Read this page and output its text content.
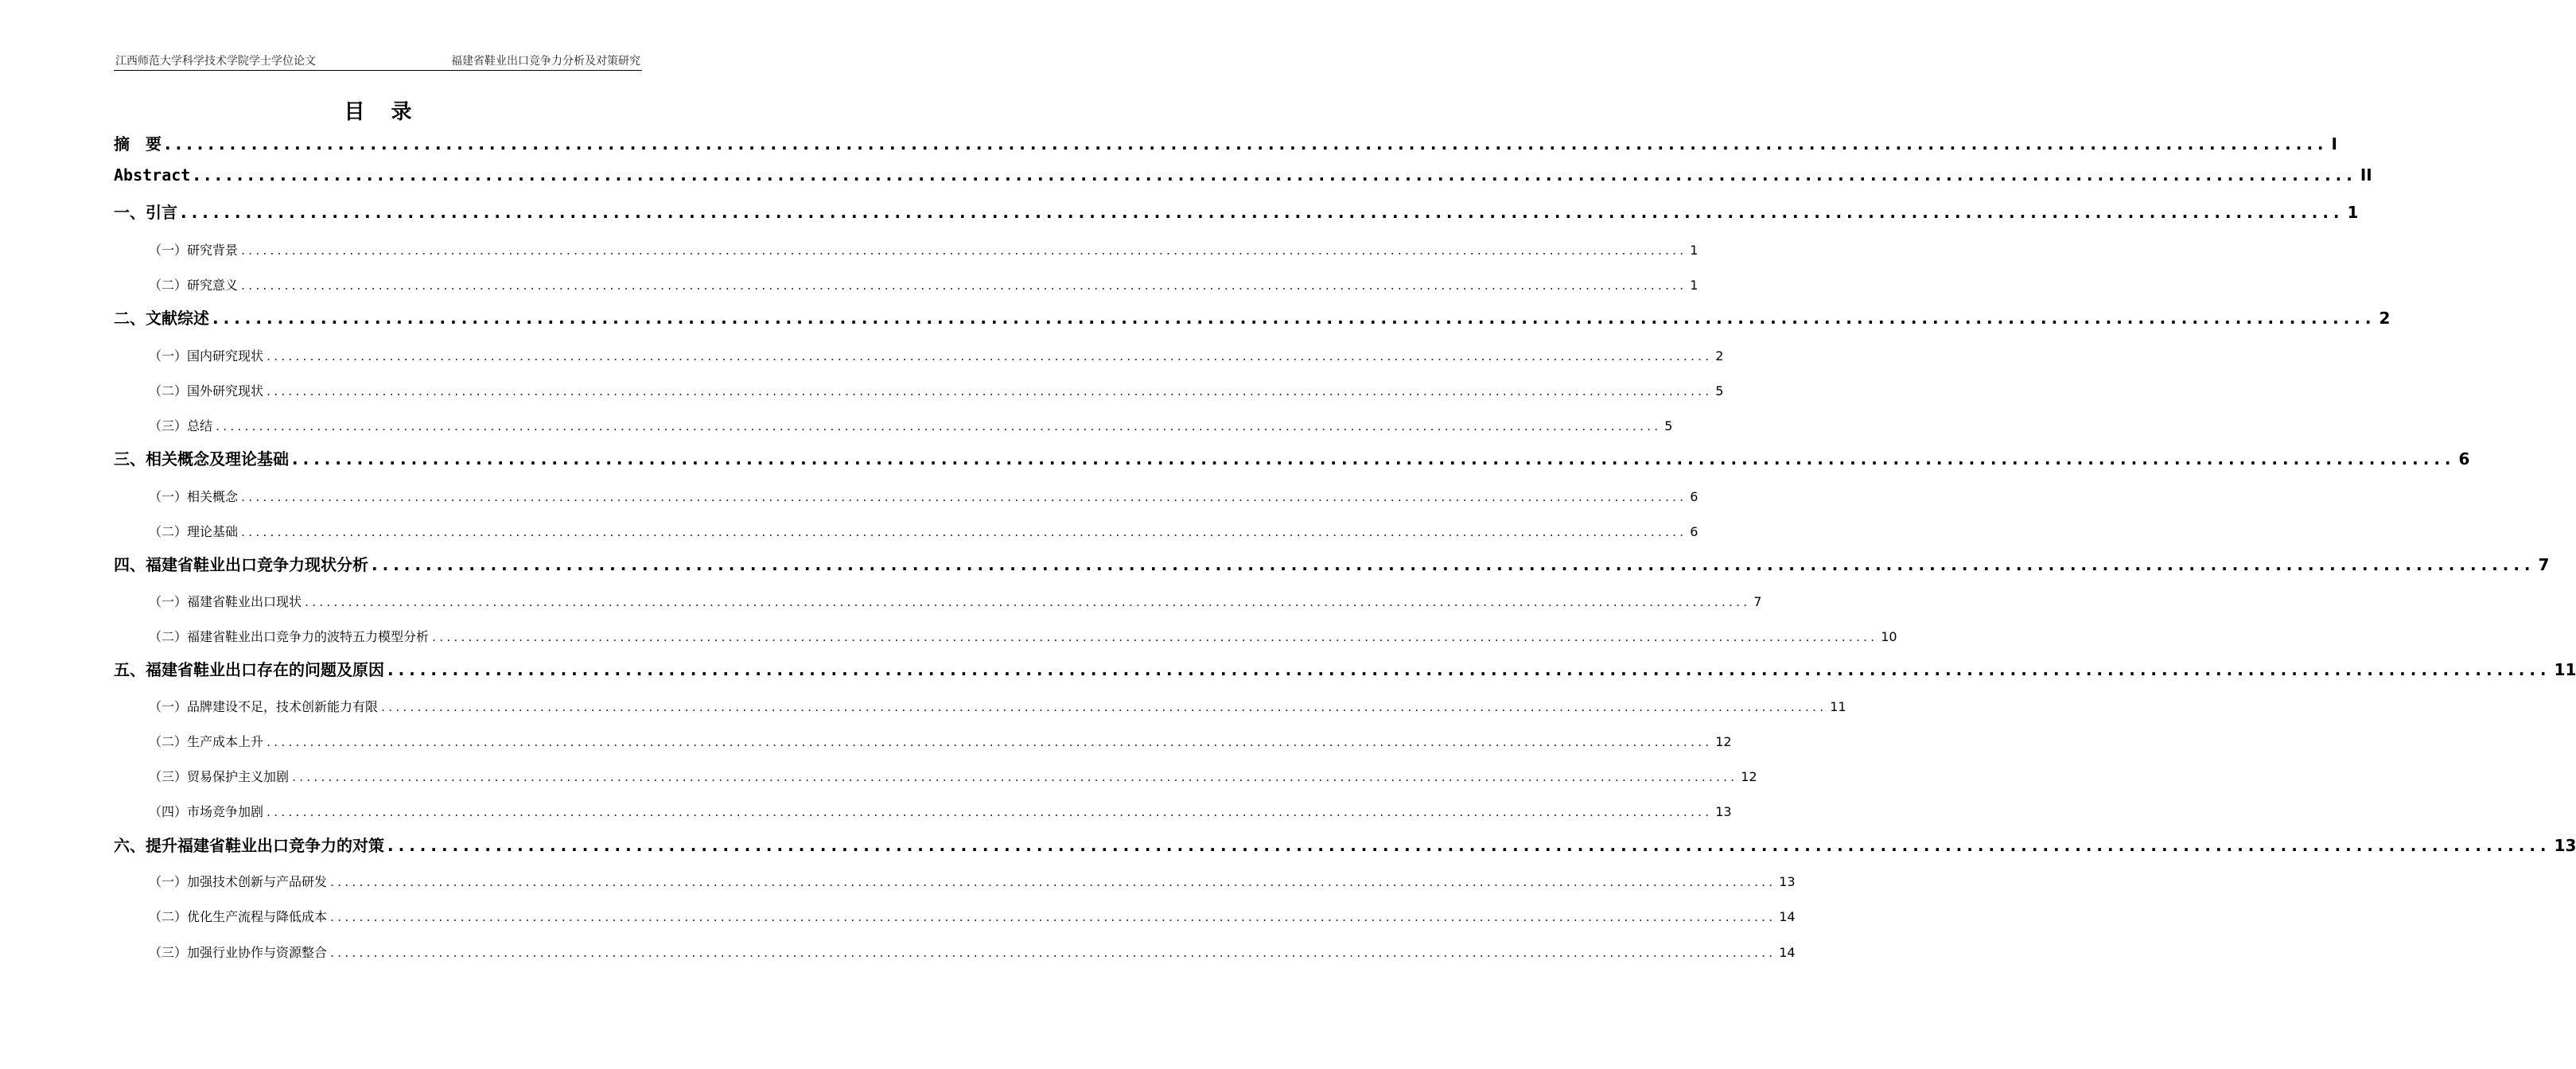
江西师范大学科学技术学院学士学位论文	福建省鞋业出口竞争力分析及对策研究
目 录
摘　要 ........................................................................................................................................................................................................ I
Abstract ........................................................................................................................................................................................................ II
一、引言 ........................................................................................................................................................................................................ 1
（一）研究背景 ........................................................................................................................................................................................................ 1
（二）研究意义 ........................................................................................................................................................................................................ 1
二、文献综述 ........................................................................................................................................................................................................ 2
（一）国内研究现状 ........................................................................................................................................................................................................ 2
（二）国外研究现状 ........................................................................................................................................................................................................ 5
（三）总结 ........................................................................................................................................................................................................ 5
三、相关概念及理论基础 ........................................................................................................................................................................................................ 6
（一）相关概念 ........................................................................................................................................................................................................ 6
（二）理论基础 ........................................................................................................................................................................................................ 6
四、福建省鞋业出口竞争力现状分析 ........................................................................................................................................................................................................ 7
（一）福建省鞋业出口现状 ........................................................................................................................................................................................................ 7
（二）福建省鞋业出口竞争力的波特五力模型分析 ........................................................................................................................................................................................................ 10
五、福建省鞋业出口存在的问题及原因 ........................................................................................................................................................................................................ 11
（一）品牌建设不足，技术创新能力有限 ........................................................................................................................................................................................................ 11
（二）生产成本上升 ........................................................................................................................................................................................................ 12
（三）贸易保护主义加剧 ........................................................................................................................................................................................................ 12
（四）市场竞争加剧 ........................................................................................................................................................................................................ 13
六、提升福建省鞋业出口竞争力的对策 ........................................................................................................................................................................................................ 13
（一）加强技术创新与产品研发 ........................................................................................................................................................................................................ 13
（二）优化生产流程与降低成本 ........................................................................................................................................................................................................ 14
（三）加强行业协作与资源整合 ........................................................................................................................................................................................................ 14
